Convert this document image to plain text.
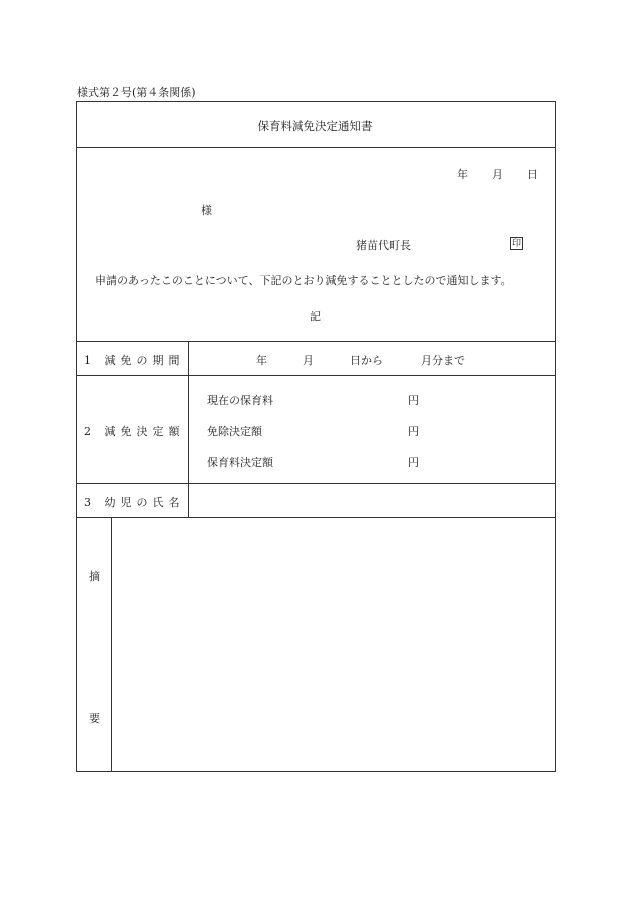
様式第２号(第４条関係)
保育料減免決定通知書
年 月 日
様
猪苗代町長	印
申請のあったこのことについて、下記のとおり減免することとしたので通知します。
記
1 減免の期間	年	月	日から	月分まで
2 減免決定額
現在の保育料	円
免除決定額	円
保育料決定額	円
3 幼児の氏名
摘
要
